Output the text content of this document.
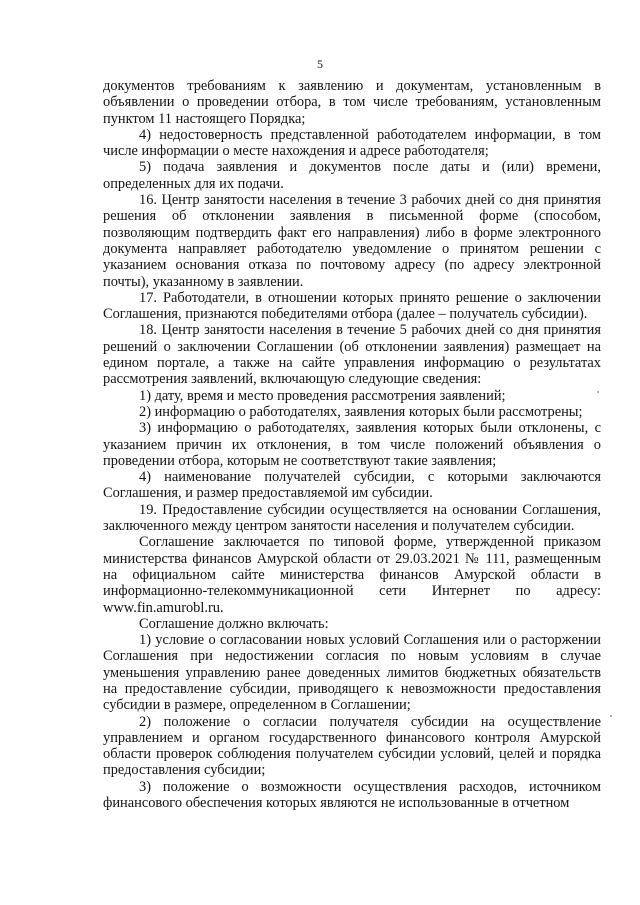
5

документов требованиям к заявлению и документам, установленным в объявлении о проведении отбора, в том числе требованиям, установленным пунктом 11 настоящего Порядка;

4) недостоверность представленной работодателем информации, в том числе информации о месте нахождения и адресе работодателя;

5) подача заявления и документов после даты и (или) времени, определенных для их подачи.

16. Центр занятости населения в течение 3 рабочих дней со дня принятия решения об отклонении заявления в письменной форме (способом, позволяющим подтвердить факт его направления) либо в форме электронного документа направляет работодателю уведомление о принятом решении с указанием основания отказа по почтовому адресу (по адресу электронной почты), указанному в заявлении.

17. Работодатели, в отношении которых принято решение о заключении Соглашения, признаются победителями отбора (далее – получатель субсидии).

18. Центр занятости населения в течение 5 рабочих дней со дня принятия решений о заключении Соглашении (об отклонении заявления) размещает на едином портале, а также на сайте управления информацию о результатах рассмотрения заявлений, включающую следующие сведения:

1) дату, время и место проведения рассмотрения заявлений;

2) информацию о работодателях, заявления которых были рассмотрены;

3) информацию о работодателях, заявления которых были отклонены, с указанием причин их отклонения, в том числе положений объявления о проведении отбора, которым не соответствуют такие заявления;

4) наименование получателей субсидии, с которыми заключаются Соглашения, и размер предоставляемой им субсидии.

19. Предоставление субсидии осуществляется на основании Соглашения, заключенного между центром занятости населения и получателем субсидии.

Соглашение заключается по типовой форме, утвержденной приказом министерства финансов Амурской области от 29.03.2021 № 111, размещенным на официальном сайте министерства финансов Амурской области в информационно-телекоммуникационной сети Интернет по адресу: www.fin.amurobl.ru.

Соглашение должно включать:

1) условие о согласовании новых условий Соглашения или о расторжении Соглашения при недостижении согласия по новым условиям в случае уменьшения управлению ранее доведенных лимитов бюджетных обязательств на предоставление субсидии, приводящего к невозможности предоставления субсидии в размере, определенном в Соглашении;

2) положение о согласии получателя субсидии на осуществление управлением и органом государственного финансового контроля Амурской области проверок соблюдения получателем субсидии условий, целей и порядка предоставления субсидии;

3) положение о возможности осуществления расходов, источником финансового обеспечения которых являются не использованные в отчетном
